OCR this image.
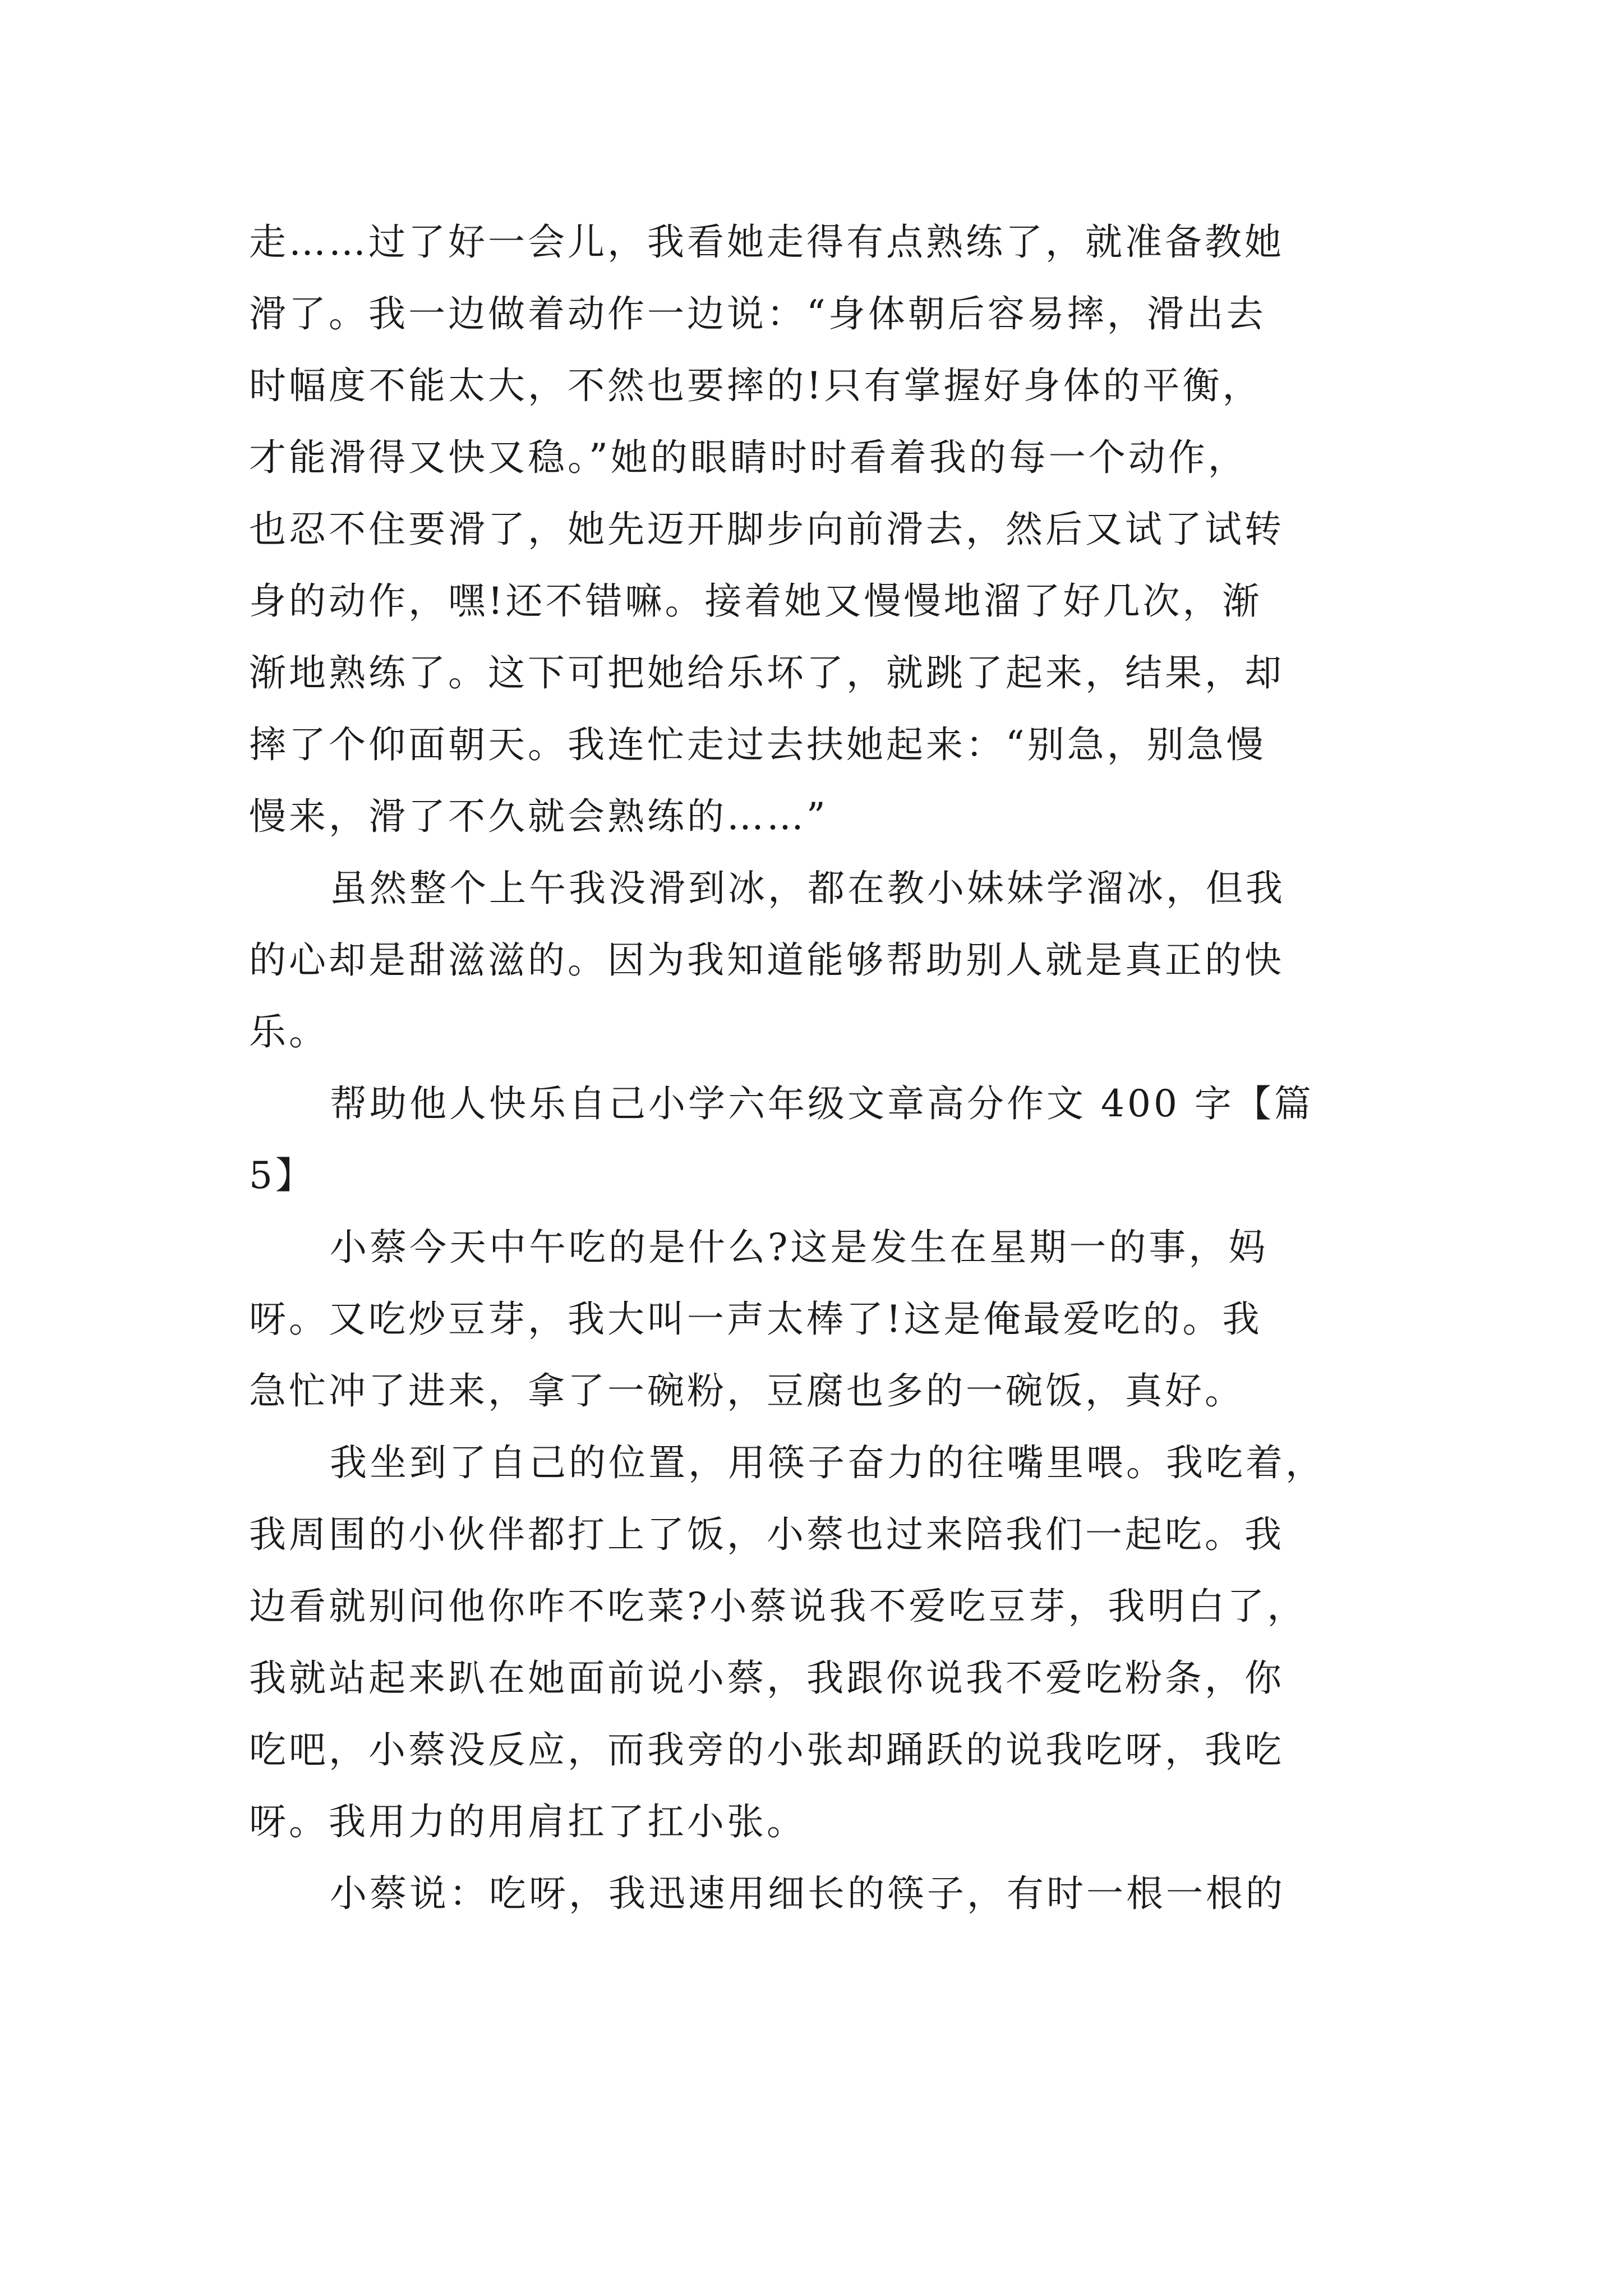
走……过了好一会儿，我看她走得有点熟练了，就准备教她
滑了。我一边做着动作一边说：“身体朝后容易摔，滑出去
时幅度不能太大，不然也要摔的!只有掌握好身体的平衡，
才能滑得又快又稳。”她的眼睛时时看着我的每一个动作，
也忍不住要滑了，她先迈开脚步向前滑去，然后又试了试转
身的动作，嘿!还不错嘛。接着她又慢慢地溜了好几次，渐
渐地熟练了。这下可把她给乐坏了，就跳了起来，结果，却
摔了个仰面朝天。我连忙走过去扶她起来：“别急，别急慢
慢来，滑了不久就会熟练的……”
虽然整个上午我没滑到冰，都在教小妹妹学溜冰，但我
的心却是甜滋滋的。因为我知道能够帮助别人就是真正的快
乐。
帮助他人快乐自己小学六年级文章高分作文 400 字【篇
5】
小蔡今天中午吃的是什么?这是发生在星期一的事，妈
呀。又吃炒豆芽，我大叫一声太棒了!这是俺最爱吃的。我
急忙冲了进来，拿了一碗粉，豆腐也多的一碗饭，真好。
我坐到了自己的位置，用筷子奋力的往嘴里喂。我吃着，
我周围的小伙伴都打上了饭，小蔡也过来陪我们一起吃。我
边看就别问他你咋不吃菜?小蔡说我不爱吃豆芽，我明白了，
我就站起来趴在她面前说小蔡，我跟你说我不爱吃粉条，你
吃吧，小蔡没反应，而我旁的小张却踊跃的说我吃呀，我吃
呀。我用力的用肩扛了扛小张。
小蔡说：吃呀，我迅速用细长的筷子，有时一根一根的
